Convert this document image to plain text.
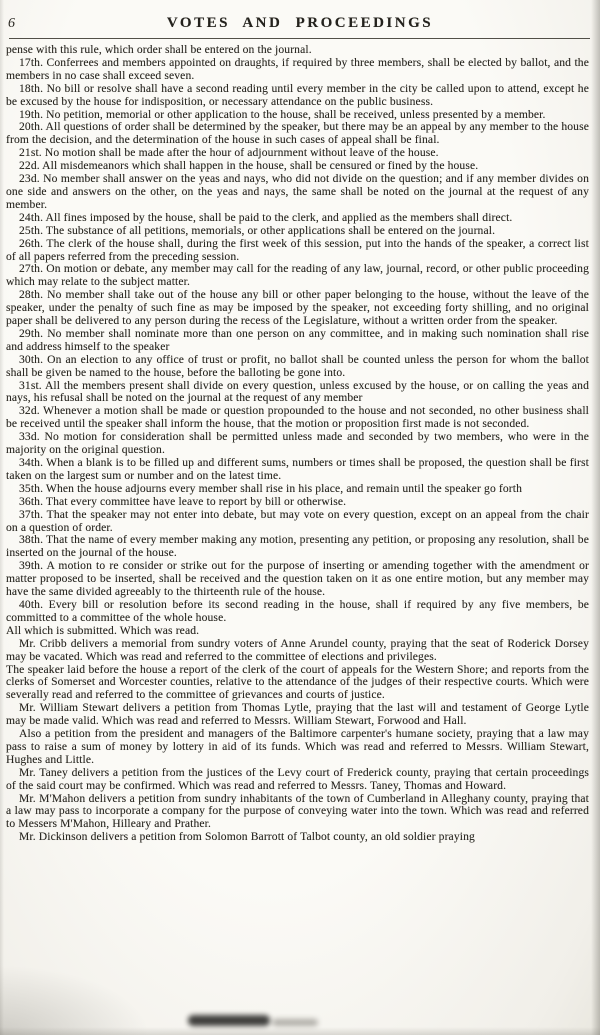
6	VOTES AND PROCEEDINGS

pense with this rule, which order shall be entered on the journal.

17th. Conferrees and members appointed on draughts, if required by three members, shall be elected by ballot, and the members in no case shall exceed seven.

18th. No bill or resolve shall have a second reading until every member in the city be called upon to attend, except he be excused by the house for indisposition, or necessary attendance on the public business.

19th. No petition, memorial or other application to the house, shall be received, unless presented by a member.

20th. All questions of order shall be determined by the speaker, but there may be an appeal by any member to the house from the decision, and the determination of the house in such cases of appeal shall be final.

21st. No motion shall be made after the hour of adjournment without leave of the house.

22d. All misdemeanors which shall happen in the house, shall be censured or fined by the house.

23d. No member shall answer on the yeas and nays, who did not divide on the question; and if any member divides on one side and answers on the other, on the yeas and nays, the same shall be noted on the journal at the request of any member.

24th. All fines imposed by the house, shall be paid to the clerk, and applied as the members shall direct.

25th. The substance of all petitions, memorials, or other applications shall be entered on the journal.

26th. The clerk of the house shall, during the first week of this session, put into the hands of the speaker, a correct list of all papers referred from the preceding session.

27th. On motion or debate, any member may call for the reading of any law, journal, record, or other public proceeding which may relate to the subject matter.

28th. No member shall take out of the house any bill or other paper belonging to the house, without the leave of the speaker, under the penalty of such fine as may be imposed by the speaker, not exceeding forty shilling, and no original paper shall be delivered to any person during the recess of the Legislature, without a written order from the speaker.

29th. No member shall nominate more than one person on any committee, and in making such nomination shall rise and address himself to the speaker

30th. On an election to any office of trust or profit, no ballot shall be counted unless the person for whom the ballot shall be given be named to the house, before the balloting be gone into.

31st. All the members present shall divide on every question, unless excused by the house, or on calling the yeas and nays, his refusal shall be noted on the journal at the request of any member

32d. Whenever a motion shall be made or question propounded to the house and not seconded, no other business shall be received until the speaker shall inform the house, that the motion or proposition first made is not seconded.

33d. No motion for consideration shall be permitted unless made and seconded by two members, who were in the majority on the original question.

34th. When a blank is to be filled up and different sums, numbers or times shall be proposed, the question shall be first taken on the largest sum or number and on the latest time.

35th. When the house adjourns every member shall rise in his place, and remain until the speaker go forth

36th. That every committee have leave to report by bill or otherwise.

37th. That the speaker may not enter into debate, but may vote on every question, except on an appeal from the chair on a question of order.

38th. That the name of every member making any motion, presenting any petition, or proposing any resolution, shall be inserted on the journal of the house.

39th. A motion to re consider or strike out for the purpose of inserting or amending together with the amendment or matter proposed to be inserted, shall be received and the question taken on it as one entire motion, but any member may have the same divided agreeably to the thirteenth rule of the house.

40th. Every bill or resolution before its second reading in the house, shall if required by any five members, be committed to a committee of the whole house.

All which is submitted. Which was read.

Mr. Cribb delivers a memorial from sundry voters of Anne Arundel county, praying that the seat of Roderick Dorsey may be vacated. Which was read and referred to the committee of elections and privileges.

The speaker laid before the house a report of the clerk of the court of appeals for the Western Shore; and reports from the clerks of Somerset and Worcester counties, relative to the attendance of the judges of their respective courts. Which were severally read and referred to the committee of grievances and courts of justice.

Mr. William Stewart delivers a petition from Thomas Lytle, praying that the last will and testament of George Lytle may be made valid. Which was read and referred to Messrs. William Stewart, Forwood and Hall.

Also a petition from the president and managers of the Baltimore carpenter's humane society, praying that a law may pass to raise a sum of money by lottery in aid of its funds. Which was read and referred to Messrs. William Stewart, Hughes and Little.

Mr. Taney delivers a petition from the justices of the Levy court of Frederick county, praying that certain proceedings of the said court may be confirmed. Which was read and referred to Messrs. Taney, Thomas and Howard.

Mr. M'Mahon delivers a petition from sundry inhabitants of the town of Cumberland in Alleghany county, praying that a law may pass to incorporate a company for the purpose of conveying water into the town. Which was read and referred to Messers M'Mahon, Hilleary and Prather.

Mr. Dickinson delivers a petition from Solomon Barrott of Talbot county, an old soldier praying
